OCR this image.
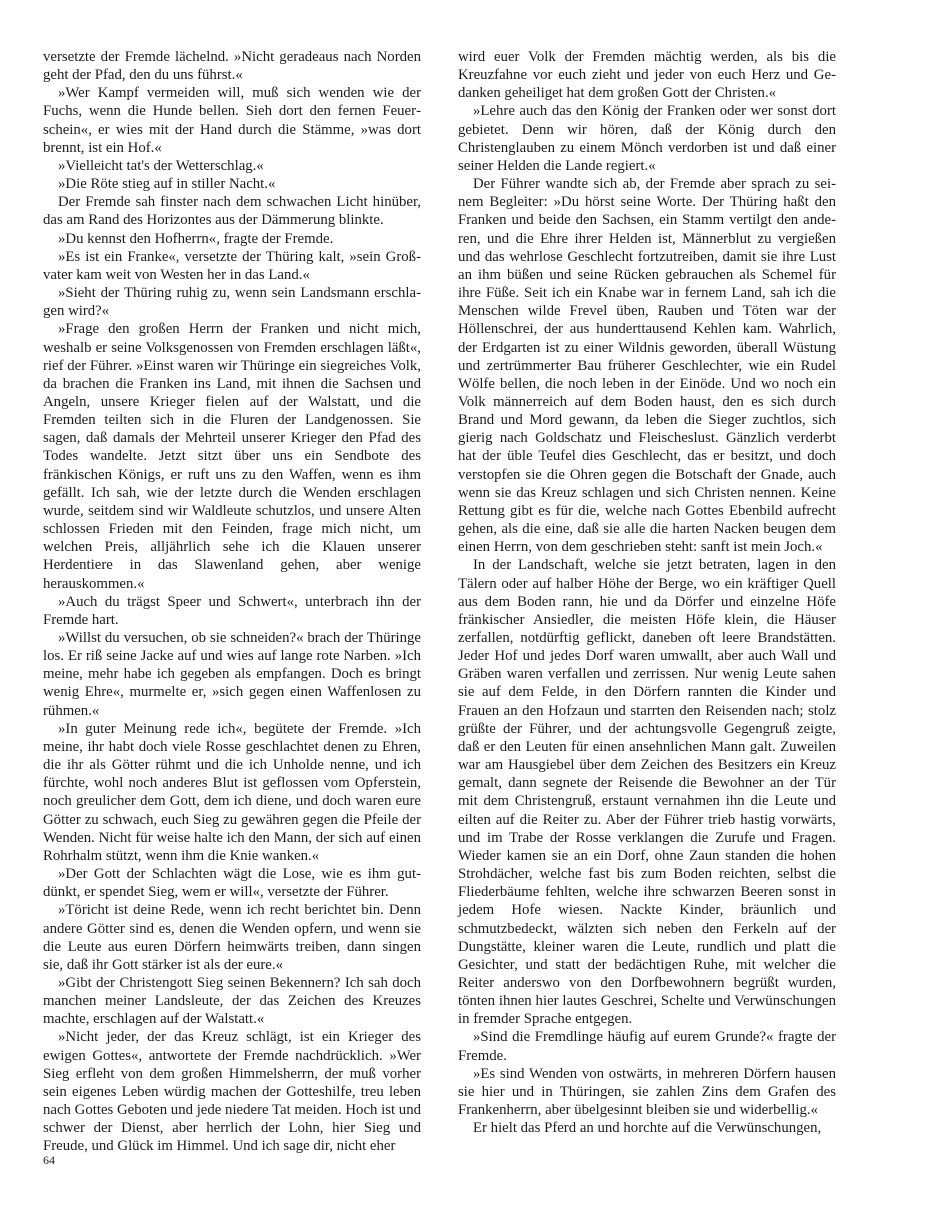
versetzte der Fremde lächelnd. »Nicht geradeaus nach Norden geht der Pfad, den du uns führst.«

»Wer Kampf vermeiden will, muß sich wenden wie der Fuchs, wenn die Hunde bellen. Sieh dort den fernen Feuerschein«, er wies mit der Hand durch die Stämme, »was dort brennt, ist ein Hof.«

»Vielleicht tat's der Wetterschlag.«

»Die Röte stieg auf in stiller Nacht.«

Der Fremde sah finster nach dem schwachen Licht hinüber, das am Rand des Horizontes aus der Dämmerung blinkte.

»Du kennst den Hofherrn«, fragte der Fremde.

»Es ist ein Franke«, versetzte der Thüring kalt, »sein Großvater kam weit von Westen her in das Land.«

»Sieht der Thüring ruhig zu, wenn sein Landsmann erschlagen wird?«

»Frage den großen Herrn der Franken und nicht mich, weshalb er seine Volksgenossen von Fremden erschlagen läßt«, rief der Führer. »Einst waren wir Thüringe ein siegreiches Volk, da brachen die Franken ins Land, mit ihnen die Sachsen und Angeln, unsere Krieger fielen auf der Walstatt, und die Fremden teilten sich in die Fluren der Landgenossen. Sie sagen, daß damals der Mehrteil unserer Krieger den Pfad des Todes wandelte. Jetzt sitzt über uns ein Sendbote des fränkischen Königs, er ruft uns zu den Waffen, wenn es ihm gefällt. Ich sah, wie der letzte durch die Wenden erschlagen wurde, seitdem sind wir Waldleute schutzlos, und unsere Alten schlossen Frieden mit den Feinden, frage mich nicht, um welchen Preis, alljährlich sehe ich die Klauen unserer Herdentiere in das Slawenland gehen, aber wenige herauskommen.«

»Auch du trägst Speer und Schwert«, unterbrach ihn der Fremde hart.

»Willst du versuchen, ob sie schneiden?« brach der Thüringe los. Er riß seine Jacke auf und wies auf lange rote Narben. »Ich meine, mehr habe ich gegeben als empfangen. Doch es bringt wenig Ehre«, murmelte er, »sich gegen einen Waffenlosen zu rühmen.«

»In guter Meinung rede ich«, begütete der Fremde. »Ich meine, ihr habt doch viele Rosse geschlachtet denen zu Ehren, die ihr als Götter rühmt und die ich Unholde nenne, und ich fürchte, wohl noch anderes Blut ist geflossen vom Opferstein, noch greulicher dem Gott, dem ich diene, und doch waren eure Götter zu schwach, euch Sieg zu gewähren gegen die Pfeile der Wenden. Nicht für weise halte ich den Mann, der sich auf einen Rohrhalm stützt, wenn ihm die Knie wanken.«

»Der Gott der Schlachten wägt die Lose, wie es ihm gutdünkt, er spendet Sieg, wem er will«, versetzte der Führer.

»Töricht ist deine Rede, wenn ich recht berichtet bin. Denn andere Götter sind es, denen die Wenden opfern, und wenn sie die Leute aus euren Dörfern heimwärts treiben, dann singen sie, daß ihr Gott stärker ist als der eure.«

»Gibt der Christengott Sieg seinen Bekennern? Ich sah doch manchen meiner Landsleute, der das Zeichen des Kreuzes machte, erschlagen auf der Walstatt.«

»Nicht jeder, der das Kreuz schlägt, ist ein Krieger des ewigen Gottes«, antwortete der Fremde nachdrücklich. »Wer Sieg erfleht von dem großen Himmelsherrn, der muß vorher sein eigenes Leben würdig machen der Gotteshilfe, treu leben nach Gottes Geboten und jede niedere Tat meiden. Hoch ist und schwer der Dienst, aber herrlich der Lohn, hier Sieg und Freude, und Glück im Himmel. Und ich sage dir, nicht eher

wird euer Volk der Fremden mächtig werden, als bis die Kreuzfahne vor euch zieht und jeder von euch Herz und Gedanken geheiliget hat dem großen Gott der Christen.«

»Lehre auch das den König der Franken oder wer sonst dort gebietet. Denn wir hören, daß der König durch den Christenglauben zu einem Mönch verdorben ist und daß einer seiner Helden die Lande regiert.«

Der Führer wandte sich ab, der Fremde aber sprach zu seinem Begleiter: »Du hörst seine Worte. Der Thüring haßt den Franken und beide den Sachsen, ein Stamm vertilgt den anderen, und die Ehre ihrer Helden ist, Männerblut zu vergießen und das wehrlose Geschlecht fortzutreiben, damit sie ihre Lust an ihm büßen und seine Rücken gebrauchen als Schemel für ihre Füße. Seit ich ein Knabe war in fernem Land, sah ich die Menschen wilde Frevel üben, Rauben und Töten war der Höllenschrei, der aus hunderttausend Kehlen kam. Wahrlich, der Erdgarten ist zu einer Wildnis geworden, überall Wüstung und zertrümmerter Bau früherer Geschlechter, wie ein Rudel Wölfe bellen, die noch leben in der Einöde. Und wo noch ein Volk männerreich auf dem Boden haust, den es sich durch Brand und Mord gewann, da leben die Sieger zuchtlos, sich gierig nach Goldschatz und Fleischeslust. Gänzlich verderbt hat der üble Teufel dies Geschlecht, das er besitzt, und doch verstopfen sie die Ohren gegen die Botschaft der Gnade, auch wenn sie das Kreuz schlagen und sich Christen nennen. Keine Rettung gibt es für die, welche nach Gottes Ebenbild aufrecht gehen, als die eine, daß sie alle die harten Nacken beugen dem einen Herrn, von dem geschrieben steht: sanft ist mein Joch.«

In der Landschaft, welche sie jetzt betraten, lagen in den Tälern oder auf halber Höhe der Berge, wo ein kräftiger Quell aus dem Boden rann, hie und da Dörfer und einzelne Höfe fränkischer Ansiedler, die meisten Höfe klein, die Häuser zerfallen, notdürftig geflickt, daneben oft leere Brandstätten. Jeder Hof und jedes Dorf waren umwallt, aber auch Wall und Gräben waren verfallen und zerrissen. Nur wenig Leute sahen sie auf dem Felde, in den Dörfern rannten die Kinder und Frauen an den Hofzaun und starrten den Reisenden nach; stolz grüßte der Führer, und der achtungsvolle Gegengruß zeigte, daß er den Leuten für einen ansehnlichen Mann galt. Zuweilen war am Hausgiebel über dem Zeichen des Besitzers ein Kreuz gemalt, dann segnete der Reisende die Bewohner an der Tür mit dem Christengruß, erstaunt vernahmen ihn die Leute und eilten auf die Reiter zu. Aber der Führer trieb hastig vorwärts, und im Trabe der Rosse verklangen die Zurufe und Fragen. Wieder kamen sie an ein Dorf, ohne Zaun standen die hohen Strohdächer, welche fast bis zum Boden reichten, selbst die Fliederbäume fehlten, welche ihre schwarzen Beeren sonst in jedem Hofe wiesen. Nackte Kinder, bräunlich und schmutzbedeckt, wälzten sich neben den Ferkeln auf der Dungstätte, kleiner waren die Leute, rundlich und platt die Gesichter, und statt der bedächtigen Ruhe, mit welcher die Reiter anderswo von den Dorfbewohnern begrüßt wurden, tönten ihnen hier lautes Geschrei, Schelte und Verwünschungen in fremder Sprache entgegen.

»Sind die Fremdlinge häufig auf eurem Grunde?« fragte der Fremde.

»Es sind Wenden von ostwärts, in mehreren Dörfern hausen sie hier und in Thüringen, sie zahlen Zins dem Grafen des Frankenherrn, aber übelgesinnt bleiben sie und widerbellig.«

Er hielt das Pferd an und horchte auf die Verwünschungen,

64
